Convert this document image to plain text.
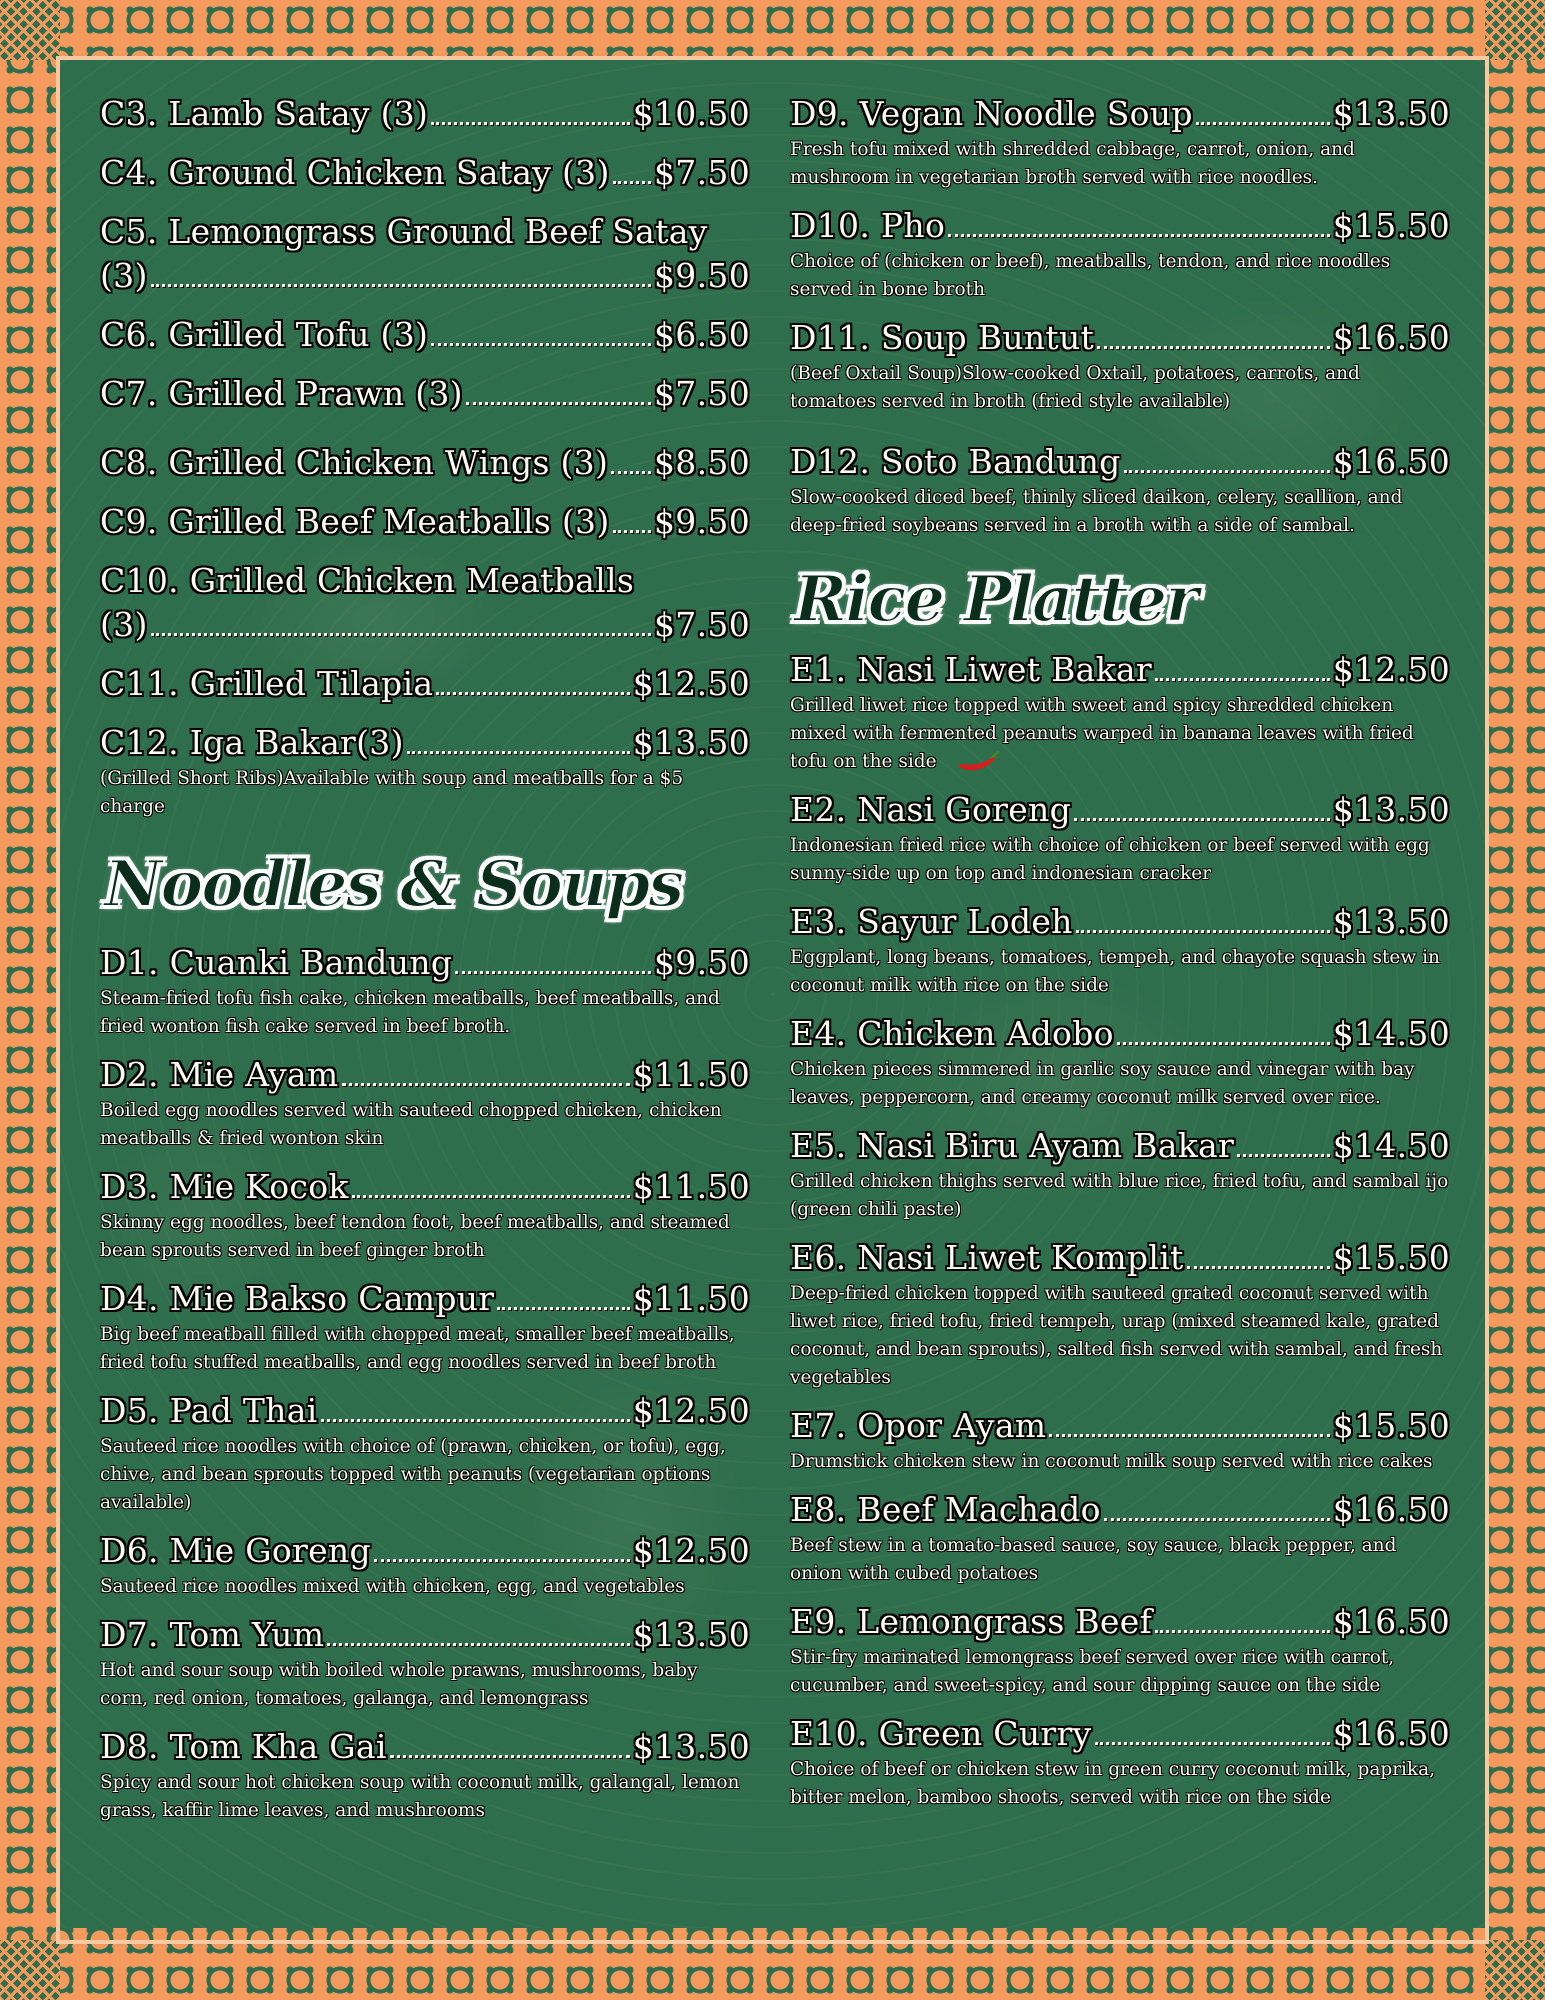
C3. Lamb Satay (3)	$10.50
C4. Ground Chicken Satay (3) $7.50
C5. Lemongrass Ground Beef Satay
(3)	$9.50
C6. Grilled Tofu (3)	$6.50
C7. Grilled Prawn (3)	$7.50
C8. Grilled Chicken Wings (3) $8.50
C9. Grilled Beef Meatballs (3) $9.50
C10. Grilled Chicken Meatballs
(3)	$7.50
C11. Grilled Tilapia	$12.50
C12. Iga Bakar(3)	$13.50
(Grilled Short Ribs)Available with soup and meatballs for a $5 charge
Noodles & Soups
D1. Cuanki Bandung	$9.50
Steam-fried tofu fish cake, chicken meatballs, beef meatballs, and fried wonton fish cake served in beef broth.
D2. Mie Ayam	$11.50
Boiled egg noodles served with sauteed chopped chicken, chicken meatballs & fried wonton skin
D3. Mie Kocok	$11.50
Skinny egg noodles, beef tendon foot, beef meatballs, and steamed bean sprouts served in beef ginger broth
D4. Mie Bakso Campur	$11.50
Big beef meatball filled with chopped meat, smaller beef meatballs, fried tofu stuffed meatballs, and egg noodles served in beef broth
D5. Pad Thai	$12.50
Sauteed rice noodles with choice of (prawn, chicken, or tofu), egg, chive, and bean sprouts topped with peanuts (vegetarian options available)
D6. Mie Goreng	$12.50
Sauteed rice noodles mixed with chicken, egg, and vegetables
D7. Tom Yum	$13.50
Hot and sour soup with boiled whole prawns, mushrooms, baby corn, red onion, tomatoes, galanga, and lemongrass
D8. Tom Kha Gai	$13.50
Spicy and sour hot chicken soup with coconut milk, galangal, lemon grass, kaffir lime leaves, and mushrooms
D9. Vegan Noodle Soup	$13.50
Fresh tofu mixed with shredded cabbage, carrot, onion, and mushroom in vegetarian broth served with rice noodles.
D10. Pho	$15.50
Choice of (chicken or beef), meatballs, tendon, and rice noodles served in bone broth
D11. Soup Buntut	$16.50
(Beef Oxtail Soup)Slow-cooked Oxtail, potatoes, carrots, and tomatoes served in broth (fried style available)
D12. Soto Bandung	$16.50
Slow-cooked diced beef, thinly sliced daikon, celery, scallion, and deep-fried soybeans served in a broth with a side of sambal.
Rice Platter
E1. Nasi Liwet Bakar	$12.50
Grilled liwet rice topped with sweet and spicy shredded chicken mixed with fermented peanuts warped in banana leaves with fried
tofu on the side
E2. Nasi Goreng	$13.50
Indonesian fried rice with choice of chicken or beef served with egg sunny-side up on top and indonesian cracker
E3. Sayur Lodeh	$13.50
Eggplant, long beans, tomatoes, tempeh, and chayote squash stew in coconut milk with rice on the side
E4. Chicken Adobo	$14.50
Chicken pieces simmered in garlic soy sauce and vinegar with bay leaves, peppercorn, and creamy coconut milk served over rice.
E5. Nasi Biru Ayam Bakar	$14.50
Grilled chicken thighs served with blue rice, fried tofu, and sambal ijo (green chili paste)
E6. Nasi Liwet Komplit	$15.50
Deep-fried chicken topped with sauteed grated coconut served with liwet rice, fried tofu, fried tempeh, urap (mixed steamed kale, grated coconut, and bean sprouts), salted fish served with sambal, and fresh vegetables
E7. Opor Ayam	$15.50
Drumstick chicken stew in coconut milk soup served with rice cakes
E8. Beef Machado	$16.50
Beef stew in a tomato-based sauce, soy sauce, black pepper, and onion with cubed potatoes
E9. Lemongrass Beef	$16.50
Stir-fry marinated lemongrass beef served over rice with carrot, cucumber, and sweet-spicy, and sour dipping sauce on the side
E10. Green Curry	$16.50
Choice of beef or chicken stew in green curry coconut milk, paprika, bitter melon, bamboo shoots, served with rice on the side
